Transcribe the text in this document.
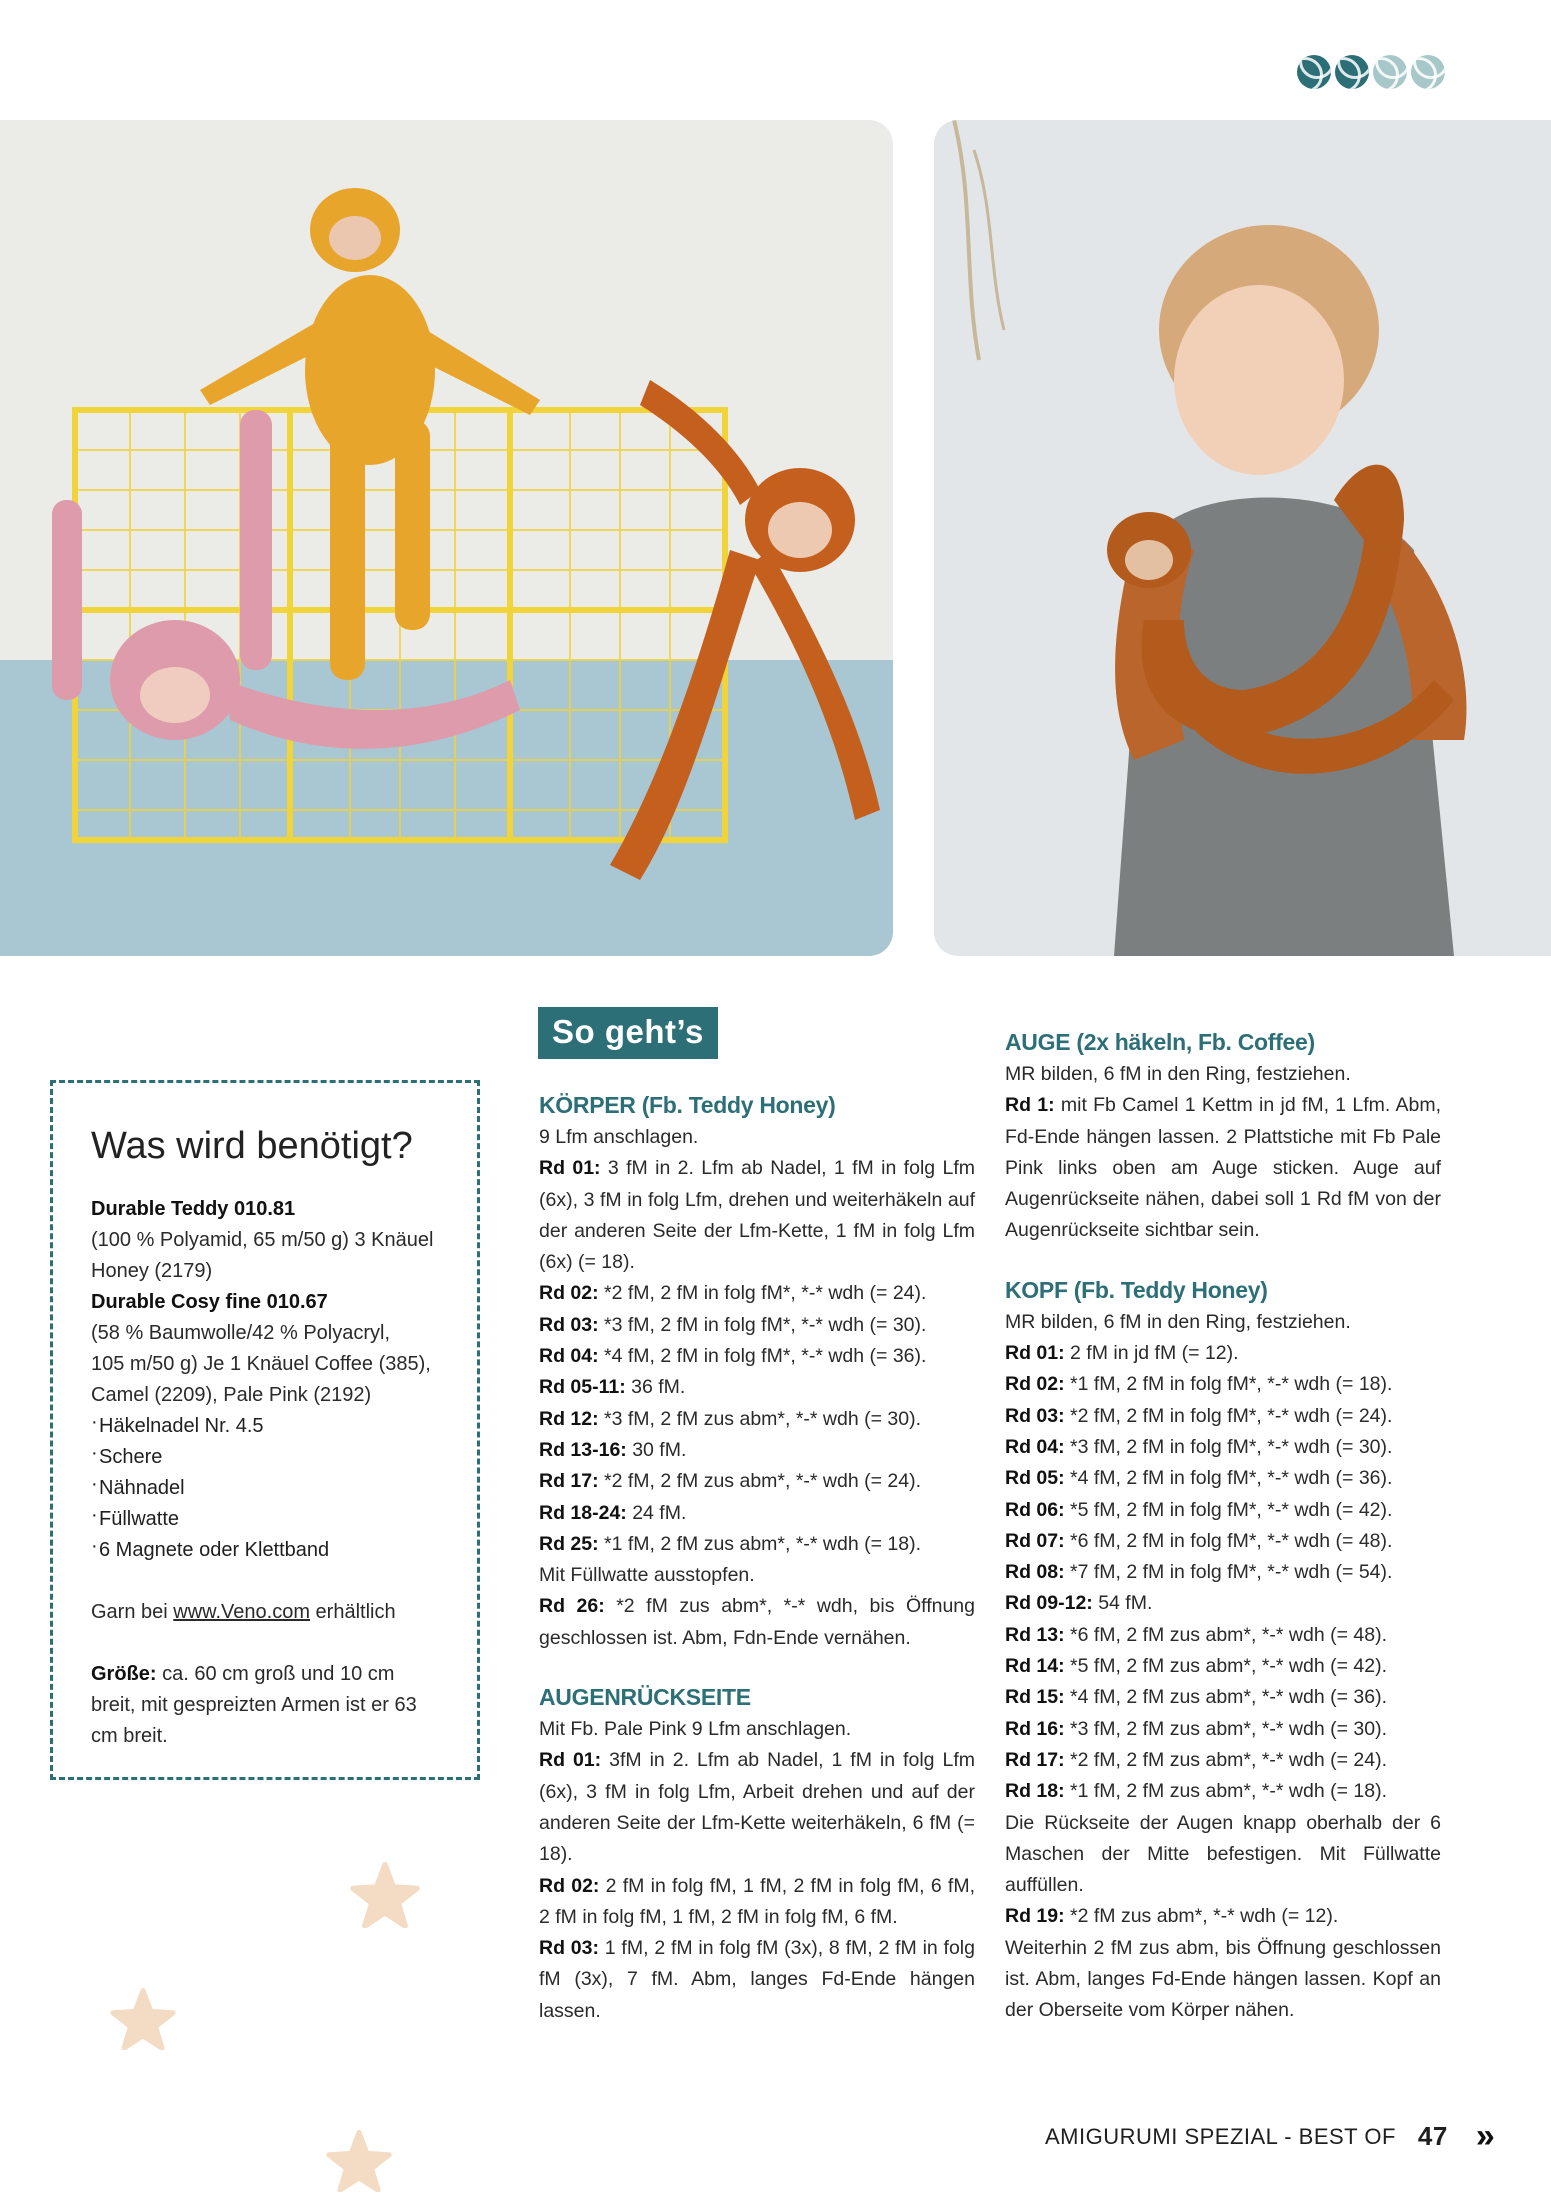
Was wird benötigt?

Durable Teddy 010.81

(100 % Polyamid, 65 m/50 g) 3 Knäuel

Honey (2179)

Durable Cosy fine 010.67

(58 % Baumwolle/42 % Polyacryl,

105 m/50 g) Je 1 Knäuel Coffee (385),

Camel (2209), Pale Pink (2192)

· Häkelnadel Nr. 4.5
· Schere
· Nähnadel
· Füllwatte
· 6 Magnete oder Klettband

Garn bei www.Veno.com erhältlich

Größe: ca. 60 cm groß und 10 cm

breit, mit gespreizten Armen ist er 63

cm breit.

So geht’s
KÖRPER (Fb. Teddy Honey)

9 Lfm anschlagen.

Rd 01: 3 fM in 2. Lfm ab Nadel, 1 fM in folg Lfm (6x), 3 fM in folg Lfm, drehen und weiterhäkeln auf der anderen Seite der Lfm-Kette, 1 fM in folg Lfm (6x) (= 18).

Rd 02: *2 fM, 2 fM in folg fM*, *-* wdh (= 24).

Rd 03: *3 fM, 2 fM in folg fM*, *-* wdh (= 30).

Rd 04: *4 fM, 2 fM in folg fM*, *-* wdh (= 36).

Rd 05-11: 36 fM.

Rd 12: *3 fM, 2 fM zus abm*, *-* wdh (= 30).

Rd 13-16: 30 fM.

Rd 17: *2 fM, 2 fM zus abm*, *-* wdh (= 24).

Rd 18-24: 24 fM.

Rd 25: *1 fM, 2 fM zus abm*, *-* wdh (= 18).

Mit Füllwatte ausstopfen.

Rd 26: *2 fM zus abm*, *-* wdh, bis Öffnung geschlossen ist. Abm, Fdn-Ende vernähen.

AUGENRÜCKSEITE

Mit Fb. Pale Pink 9 Lfm anschlagen.

Rd 01: 3fM in 2. Lfm ab Nadel, 1 fM in folg Lfm (6x), 3 fM in folg Lfm, Arbeit drehen und auf der anderen Seite der Lfm-Kette weiterhäkeln, 6 fM (= 18).

Rd 02: 2 fM in folg fM, 1 fM, 2 fM in folg fM, 6 fM, 2 fM in folg fM, 1 fM, 2 fM in folg fM, 6 fM.

Rd 03: 1 fM, 2 fM in folg fM (3x), 8 fM, 2 fM in folg fM (3x), 7 fM. Abm, langes Fd-Ende hängen lassen.

AUGE (2x häkeln, Fb. Coffee)

MR bilden, 6 fM in den Ring, festziehen.

Rd 1: mit Fb Camel 1 Kettm in jd fM, 1 Lfm. Abm, Fd-Ende hängen lassen. 2 Plattstiche mit Fb Pale Pink links oben am Auge sticken. Auge auf Augenrückseite nähen, dabei soll 1 Rd fM von der Augenrückseite sichtbar sein.

KOPF (Fb. Teddy Honey)

MR bilden, 6 fM in den Ring, festziehen.

Rd 01: 2 fM in jd fM (= 12).

Rd 02: *1 fM, 2 fM in folg fM*, *-* wdh (= 18).

Rd 03: *2 fM, 2 fM in folg fM*, *-* wdh (= 24).

Rd 04: *3 fM, 2 fM in folg fM*, *-* wdh (= 30).

Rd 05: *4 fM, 2 fM in folg fM*, *-* wdh (= 36).

Rd 06: *5 fM, 2 fM in folg fM*, *-* wdh (= 42).

Rd 07: *6 fM, 2 fM in folg fM*, *-* wdh (= 48).

Rd 08: *7 fM, 2 fM in folg fM*, *-* wdh (= 54).

Rd 09-12: 54 fM.

Rd 13: *6 fM, 2 fM zus abm*, *-* wdh (= 48).

Rd 14: *5 fM, 2 fM zus abm*, *-* wdh (= 42).

Rd 15: *4 fM, 2 fM zus abm*, *-* wdh (= 36).

Rd 16: *3 fM, 2 fM zus abm*, *-* wdh (= 30).

Rd 17: *2 fM, 2 fM zus abm*, *-* wdh (= 24).

Rd 18: *1 fM, 2 fM zus abm*, *-* wdh (= 18).

Die Rückseite der Augen knapp oberhalb der 6 Maschen der Mitte befestigen. Mit Füllwatte auffüllen.

Rd 19: *2 fM zus abm*, *-* wdh (= 12).

Weiterhin 2 fM zus abm, bis Öffnung geschlossen ist. Abm, langes Fd-Ende hängen lassen. Kopf an der Oberseite vom Körper nähen.

AMIGURUMI SPEZIAL - BEST OF 47 »
